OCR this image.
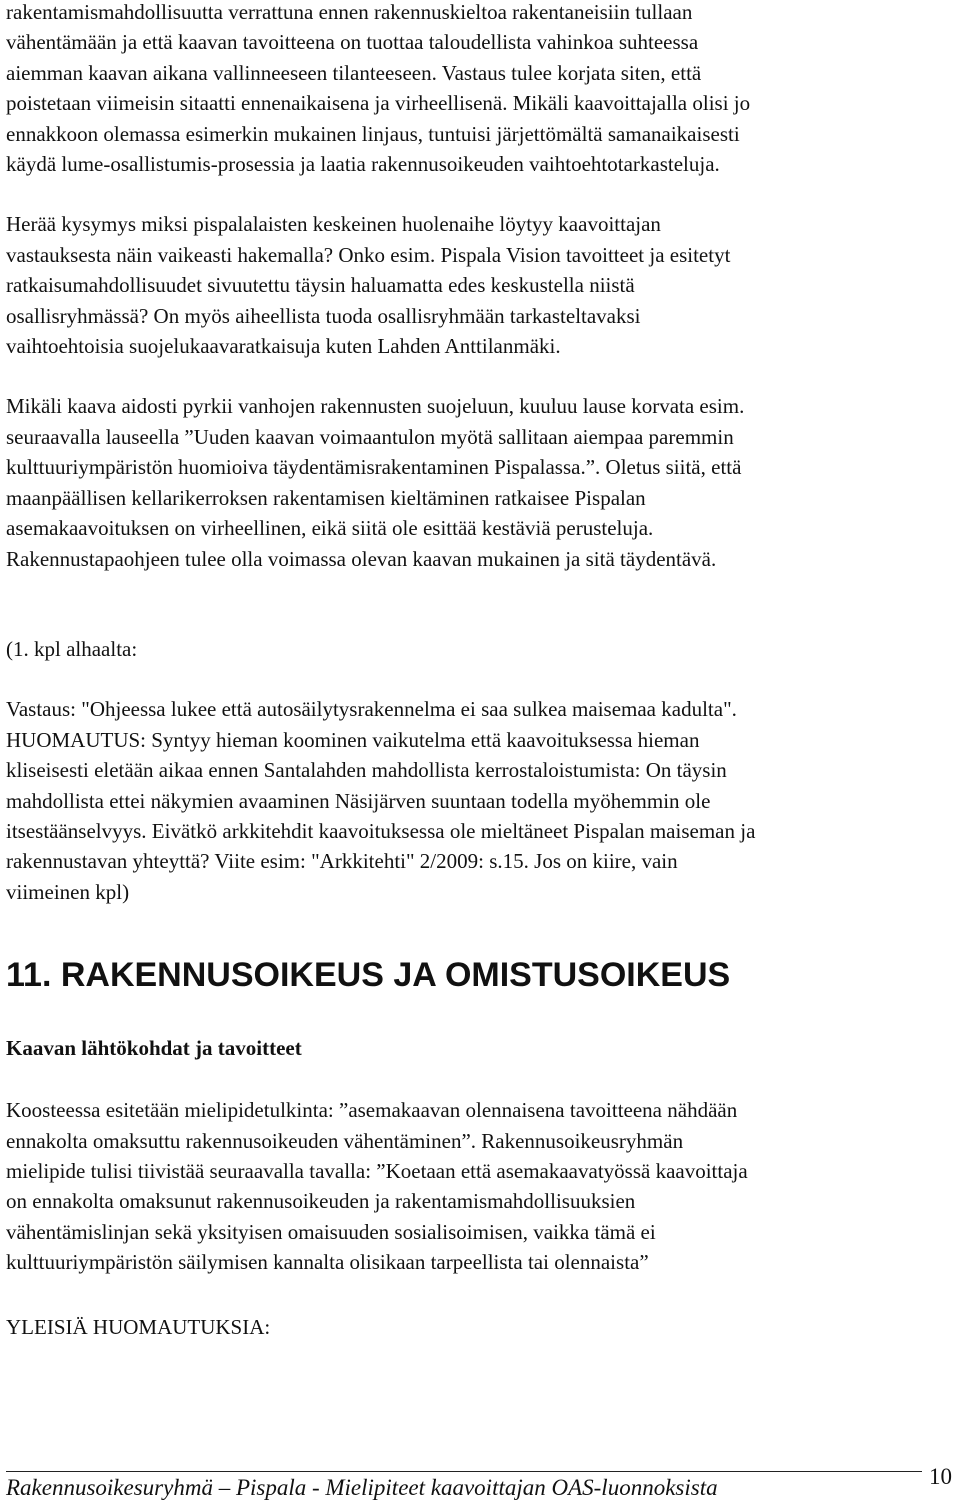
rakentamismahdollisuutta verrattuna ennen rakennuskieltoa rakentaneisiin tullaan
vähentämään ja että kaavan tavoitteena on tuottaa taloudellista vahinkoa suhteessa
aiemman kaavan aikana vallinneeseen tilanteeseen. Vastaus tulee korjata siten, että
poistetaan viimeisin sitaatti ennenaikaisena ja virheellisenä. Mikäli kaavoittajalla olisi jo
ennakkoon olemassa esimerkin mukainen linjaus, tuntuisi järjettömältä samanaikaisesti
käydä lume-osallistumis-prosessia ja laatia rakennusoikeuden vaihtoehtotarkasteluja.

Herää kysymys miksi pispalalaisten keskeinen huolenaihe löytyy kaavoittajan
vastauksesta näin vaikeasti hakemalla? Onko esim. Pispala Vision tavoitteet ja esitetyt
ratkaisumahdollisuudet sivuutettu täysin haluamatta edes keskustella niistä
osallisryhmässä? On myös aiheellista tuoda osallisryhmään tarkasteltavaksi
vaihtoehtoisia suojelukaavaratkaisuja kuten Lahden Anttilanmäki.

Mikäli kaava aidosti pyrkii vanhojen rakennusten suojeluun, kuuluu lause korvata esim.
seuraavalla lauseella ”Uuden kaavan voimaantulon myötä sallitaan aiempaa paremmin
kulttuuriympäristön huomioiva täydentämisrakentaminen Pispalassa.”. Oletus siitä, että
maanpäällisen kellarikerroksen rakentamisen kieltäminen ratkaisee Pispalan
asemakaavoituksen on virheellinen, eikä siitä ole esittää kestäviä perusteluja.
Rakennustapaohjeen tulee olla voimassa olevan kaavan mukainen ja sitä täydentävä.

(1. kpl alhaalta:

Vastaus: "Ohjeessa lukee että autosäilytysrakennelma ei saa sulkea maisemaa kadulta".
HUOMAUTUS: Syntyy hieman koominen vaikutelma että kaavoituksessa hieman
kliseisesti eletään aikaa ennen Santalahden mahdollista kerrostaloistumista: On täysin
mahdollista ettei näkymien avaaminen Näsijärven suuntaan todella myöhemmin ole
itsestäänselvyys. Eivätkö arkkitehdit kaavoituksessa ole mieltäneet Pispalan maiseman ja
rakennustavan yhteyttä? Viite esim: "Arkkitehti" 2/2009: s.15. Jos on kiire, vain
viimeinen kpl)

11. RAKENNUSOIKEUS JA OMISTUSOIKEUS
Kaavan lähtökohdat ja tavoitteet

Koosteessa esitetään mielipidetulkinta: ”asemakaavan olennaisena tavoitteena nähdään
ennakolta omaksuttu rakennusoikeuden vähentäminen”. Rakennusoikeusryhmän
mielipide tulisi tiivistää seuraavalla tavalla: ”Koetaan että asemakaavatyössä kaavoittaja
on ennakolta omaksunut rakennusoikeuden ja rakentamismahdollisuuksien
vähentämislinjan sekä yksityisen omaisuuden sosialisoimisen, vaikka tämä ei
kulttuuriympäristön säilymisen kannalta olisikaan tarpeellista tai olennaista”

YLEISIÄ HUOMAUTUKSIA:

Rakennusoikesuryhmä – Pispala - Mielipiteet kaavoittajan OAS-luonnoksista	10
